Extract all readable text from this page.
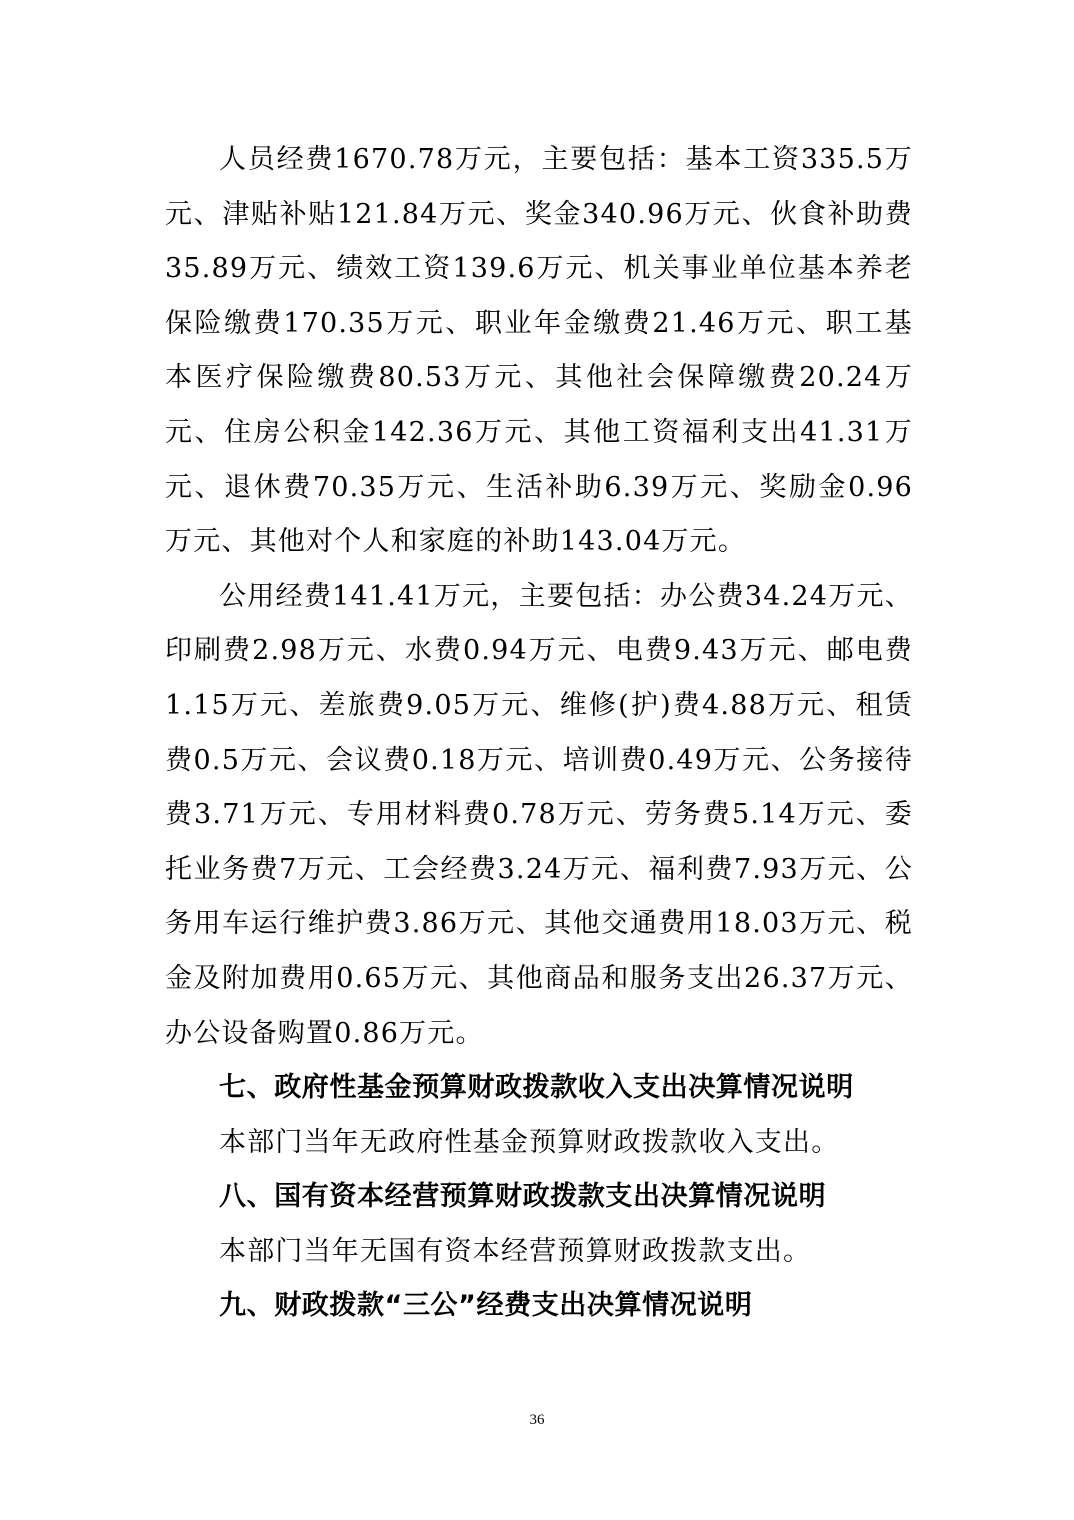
人员经费1670.78万元，主要包括：基本工资335.5万元、津贴补贴121.84万元、奖金340.96万元、伙食补助费35.89万元、绩效工资139.6万元、机关事业单位基本养老保险缴费170.35万元、职业年金缴费21.46万元、职工基本医疗保险缴费80.53万元、其他社会保障缴费20.24万元、住房公积金142.36万元、其他工资福利支出41.31万元、退休费70.35万元、生活补助6.39万元、奖励金0.96万元、其他对个人和家庭的补助143.04万元。

公用经费141.41万元，主要包括：办公费34.24万元、印刷费2.98万元、水费0.94万元、电费9.43万元、邮电费1.15万元、差旅费9.05万元、维修(护)费4.88万元、租赁费0.5万元、会议费0.18万元、培训费0.49万元、公务接待费3.71万元、专用材料费0.78万元、劳务费5.14万元、委托业务费7万元、工会经费3.24万元、福利费7.93万元、公务用车运行维护费3.86万元、其他交通费用18.03万元、税金及附加费用0.65万元、其他商品和服务支出26.37万元、办公设备购置0.86万元。

七、政府性基金预算财政拨款收入支出决算情况说明

本部门当年无政府性基金预算财政拨款收入支出。

八、国有资本经营预算财政拨款支出决算情况说明

本部门当年无国有资本经营预算财政拨款支出。

九、财政拨款“三公”经费支出决算情况说明

36
